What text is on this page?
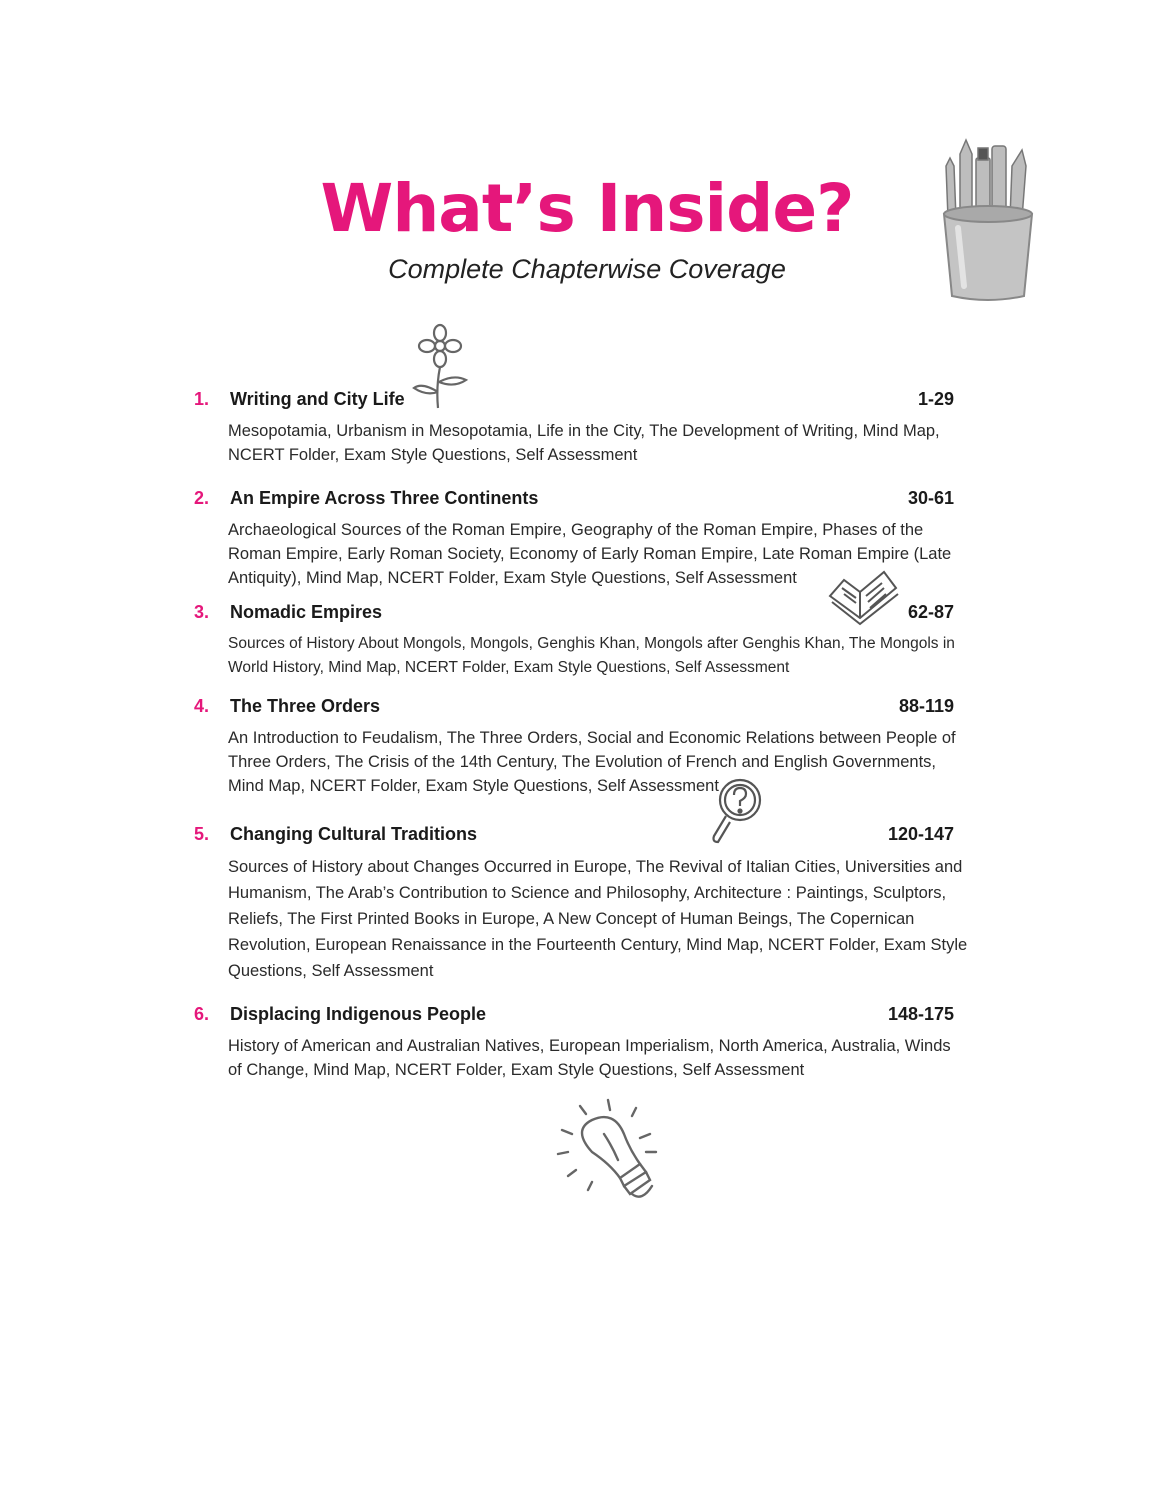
What’s Inside?

Complete Chapterwise Coverage

1. Writing and City Life	1-29
Mesopotamia, Urbanism in Mesopotamia, Life in the City, The Development of Writing, Mind Map, NCERT Folder, Exam Style Questions, Self Assessment
2. An Empire Across Three Continents	30-61
Archaeological Sources of the Roman Empire, Geography of the Roman Empire, Phases of the Roman Empire, Early Roman Society, Economy of Early Roman Empire, Late Roman Empire (Late Antiquity), Mind Map, NCERT Folder, Exam Style Questions, Self Assessment
3. Nomadic Empires	62-87
Sources of History About Mongols, Mongols, Genghis Khan, Mongols after Genghis Khan, The Mongols in World History, Mind Map, NCERT Folder, Exam Style Questions, Self Assessment
4. The Three Orders	88-119
An Introduction to Feudalism, The Three Orders, Social and Economic Relations between People of Three Orders, The Crisis of the 14th Century, The Evolution of French and English Governments, Mind Map, NCERT Folder, Exam Style Questions, Self Assessment
5. Changing Cultural Traditions	120-147
Sources of History about Changes Occurred in Europe, The Revival of Italian Cities, Universities and Humanism, The Arab’s Contribution to Science and Philosophy, Architecture : Paintings, Sculptors, Reliefs, The First Printed Books in Europe, A New Concept of Human Beings, The Copernican Revolution, European Renaissance in the Fourteenth Century, Mind Map, NCERT Folder, Exam Style Questions, Self Assessment
6. Displacing Indigenous People	148-175
History of American and Australian Natives, European Imperialism, North America, Australia, Winds of Change, Mind Map, NCERT Folder, Exam Style Questions, Self Assessment
